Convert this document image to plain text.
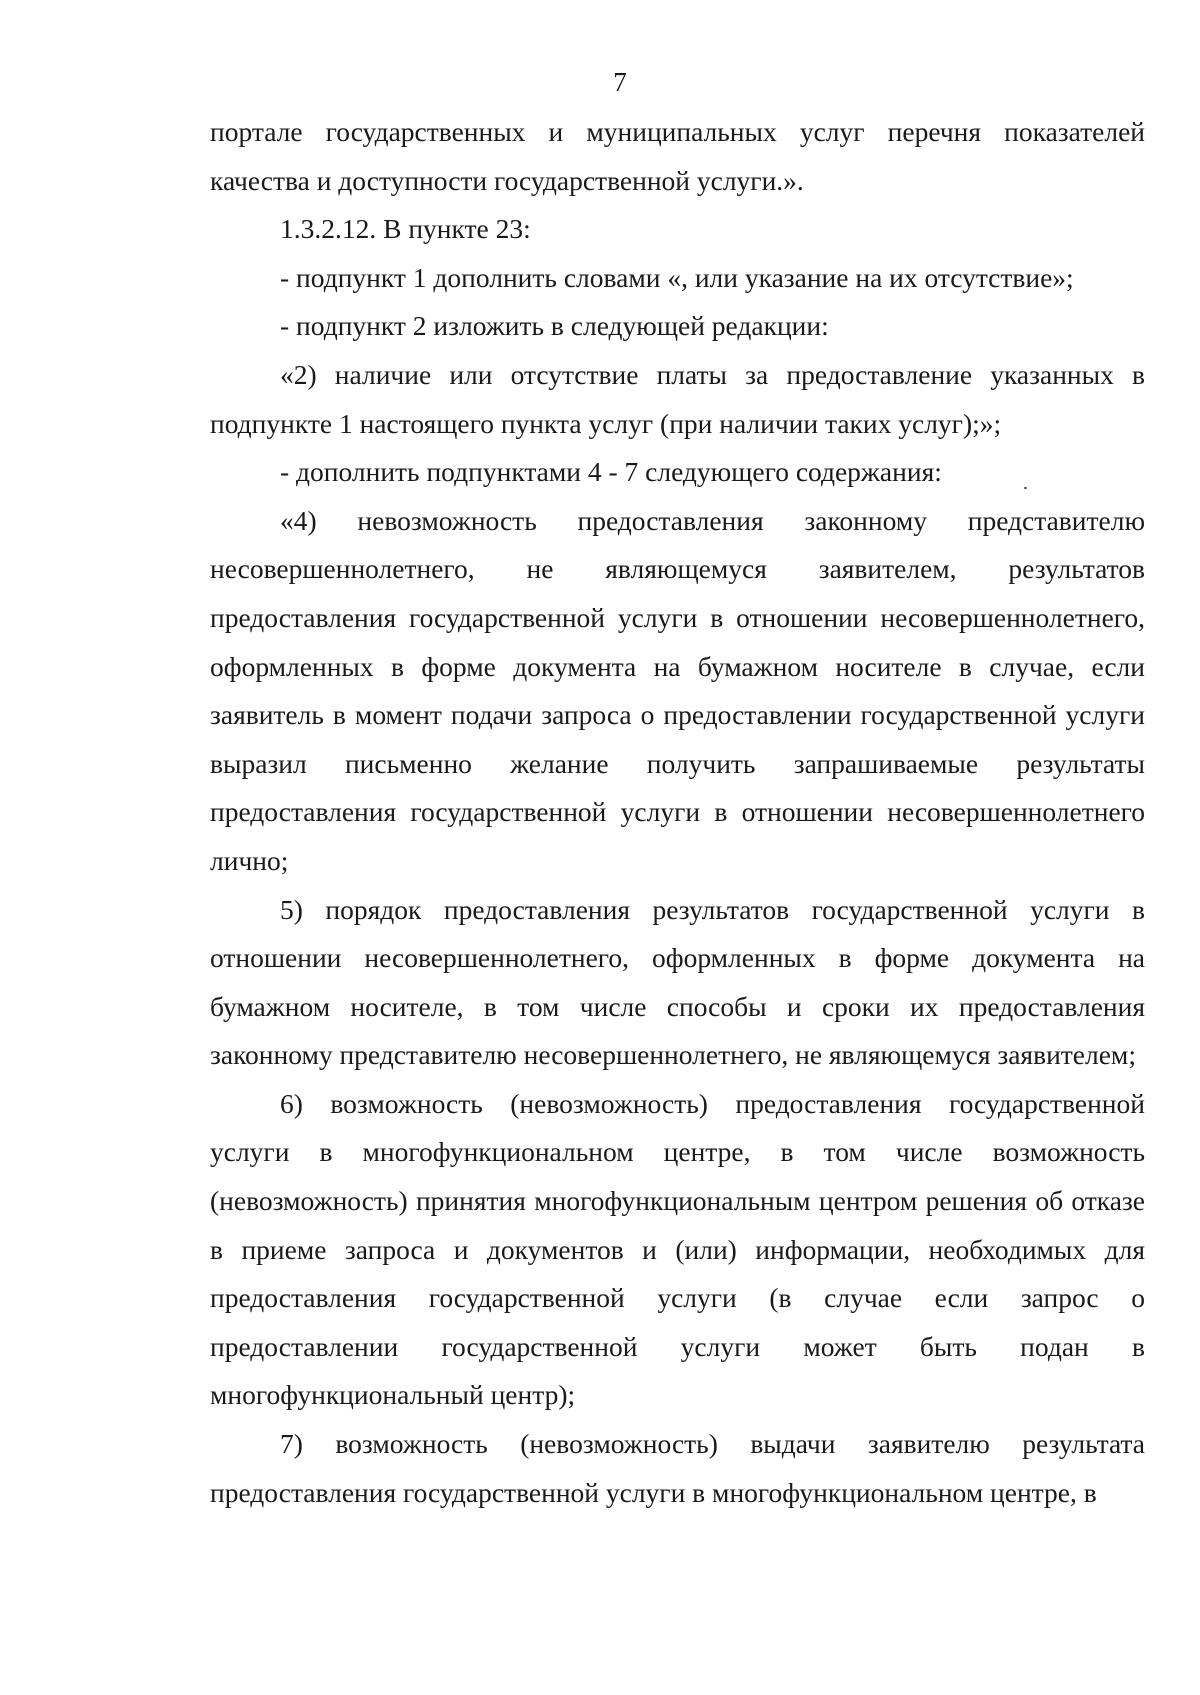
7

порталe государственных и муниципальных услуг перечня показателей качества и доступности государственной услуги.».

1.3.2.12. В пункте 23:

- подпункт 1 дополнить словами «, или указание на их отсутствие»;

- подпункт 2 изложить в следующей редакции:

«2) наличие или отсутствие платы за предоставление указанных в подпункте 1 настоящего пункта услуг (при наличии таких услуг);»;

- дополнить подпунктами 4 - 7 следующего содержания:

«4) невозможность предоставления законному представителю несовершеннолетнего, не являющемуся заявителем, результатов предоставления государственной услуги в отношении несовершеннолетнего, оформленных в форме документа на бумажном носителе в случае, если заявитель в момент подачи запроса о предоставлении государственной услуги выразил письменно желание получить запрашиваемые результаты предоставления государственной услуги в отношении несовершеннолетнего лично;

5) порядок предоставления результатов государственной услуги в отношении несовершеннолетнего, оформленных в форме документа на бумажном носителе, в том числе способы и сроки их предоставления законному представителю несовершеннолетнего, не являющемуся заявителем;

6) возможность (невозможность) предоставления государственной услуги в многофункциональном центре, в том числе возможность (невозможность) принятия многофункциональным центром решения об отказе в приеме запроса и документов и (или) информации, необходимых для предоставления государственной услуги (в случае если запрос о предоставлении государственной услуги может быть подан в многофункциональный центр);

7) возможность (невозможность) выдачи заявителю результата предоставления государственной услуги в многофункциональном центре, в
